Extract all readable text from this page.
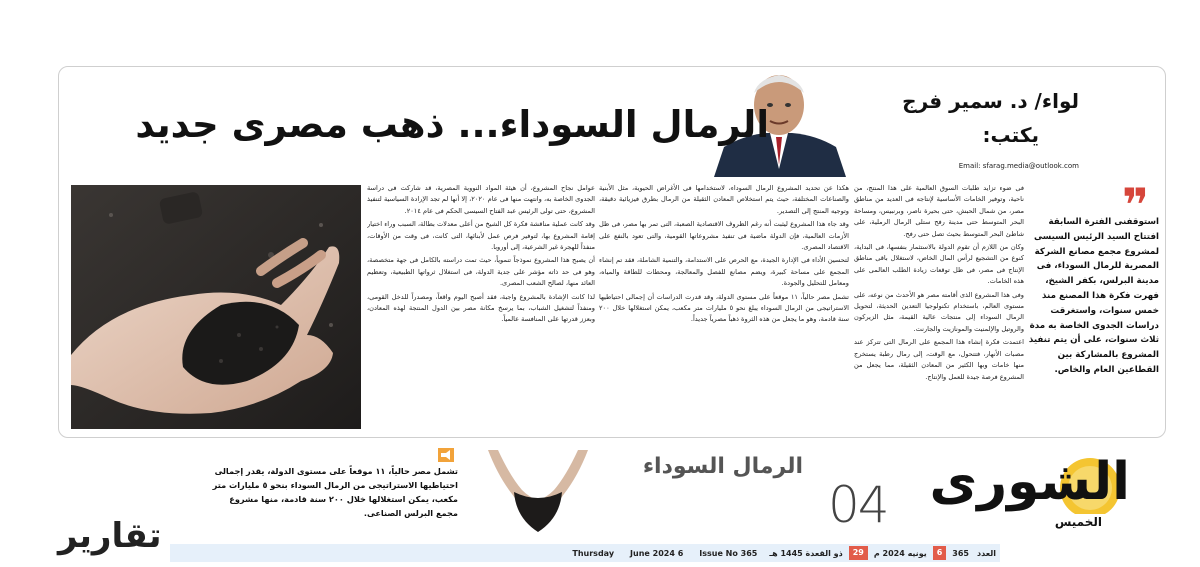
لواء/ د. سمير فرج
يكتب:
Email: sfarag.media@outlook.com
الرمال السوداء... ذهب مصرى جديد
❞
استوقفنى الفترة السابقة افتتاح السيد الرئيس السيسى لمشروع مجمع مصانع الشركة المصرية للرمال السوداء، فى مدينة البرلس، بكفر الشيخ، فهرت فكرة هذا المصنع منذ خمس سنوات، واستغرقت دراسات الجدوى الخاصة به مدة ثلاث سنوات، على أن يتم تنفيذ المشروع بالمشاركة بين القطاعين العام والخاص.

فى ضوء تزايد طلبات السوق العالمية على هذا المنتج، من ناحية، وتوفير الخامات الأساسية لإنتاجه فى العديد من مناطق مصر، من شمال الحبش، حتى بحيرة ناصر، وبرنبيس، ومساحة البحر المتوسط حتى مدينة رفح ستلى الرمال الرملية، على شاطئ البحر المتوسط بحيث تصل حتى رفح.

وكان من اللازم أن تقوم الدولة بالاستثمار بنفسها، فى البداية، كنوع من التشجيع لرأس المال الخاص، لاستغلال باقى مناطق الإنتاج فى مصر، فى ظل توقعات زيادة الطلب العالمى على هذه الخامات.

وفى هذا المشروع الذى أقامته مصر هو الأحدث من نوعه، على مستوى العالم، باستخدام تكنولوجيا التعدين الحديثة، لتحويل الرمال السوداء إلى منتجات عالية القيمة، مثل الزيركون والروتيل والإلمنيت والمونازيت والجارنت.

اعتمدت فكرة إنشاء هذا المجمع على الرمال التى تتركز عند مصبات الأنهار، فتتحول، مع الوقت، إلى رمال رطبة يستخرج منها خامات وبها الكثير من المعادن الثقيلة، مما يجعل من المشروع فرصة جيدة للعمل والإنتاج.

هكذا عن تحديد المشروع الرمال السوداء، لاستخدامها فى الأغراض الحيوية، مثل الأبنية والصناعات المختلفة، حيث يتم استخلاص المعادن الثقيلة من الرمال بطرق فيزيائية دقيقة، وتوجيه المنتج إلى التصدير.

وقد جاء هذا المشروع ليثبت أنه رغم الظروف الاقتصادية الصعبة، التى تمر بها مصر، فى ظل الأزمات العالمية، فإن الدولة ماضية فى تنفيذ مشروعاتها القومية، والتى تعود بالنفع على الاقتصاد المصرى.

لتحسين الأداء فى الإدارة الجيدة، مع الحرص على الاستدامة، والتنمية الشاملة، فقد تم إنشاء المجمع على مساحة كبيرة، ويضم مصانع للفصل والمعالجة، ومحطات للطاقة والمياه، ومعامل للتحليل والجودة.

تشمل مصر حالياً، ١١ موقعاً على مستوى الدولة، وقد قدرت الدراسات أن إجمالى احتياطيها الاستراتيجى من الرمال السوداء يبلغ نحو ٥ مليارات متر مكعب، يمكن استغلالها خلال ٢٠٠ سنة قادمة، وهو ما يجعل من هذه الثروة ذهباً مصرياً جديداً.

عوامل نجاح المشروع، أن هيئة المواد النووية المصرية، قد شاركت فى دراسة الجدوى الخاصة به، وانتهت منها فى عام ٢٠٢٠، إلا أنها لم تجد الإرادة السياسية لتنفيذ المشروع، حتى تولى الرئيس عبد الفتاح السيسى الحكم فى عام ٢٠١٤.

وقد كانت عملية مناقشة فكرة كل الشيخ من أعلى معدلات بطالة، السبب وراء اختيار إقامة المشروع بها، لتوفير فرص عمل لأبنائها، التى كانت، فى وقت من الأوقات، منفذاً للهجرة غير الشرعية، إلى أوروبا.

أن يصبح هذا المشروع نموذجاً تنموياً، حيث تمت دراسته بالكامل فى جهة متخصصة، وهو فى حد ذاته مؤشر على جدية الدولة، فى استغلال ثرواتها الطبيعية، وتعظيم العائد منها، لصالح الشعب المصرى.

لذا كانت الإشادة بالمشروع واجبة، فقد أصبح اليوم واقعاً، ومصدراً للدخل القومى، ومنفذاً لتشغيل الشباب، بما يرسخ مكانة مصر بين الدول المنتجة لهذه المعادن، وبعزز قدرتها على المنافسة عالمياً.

الشورى
الخميس
04
الرمال السوداء
تشمل مصر حالياً، ١١ موقعاً على مستوى الدولة، يقدر إجمالى احتياطيها الاستراتيجى من الرمال السوداء بنحو ٥ مليارات متر مكعب، يمكن استغلالها خلال ٢٠٠ سنة قادمة، منها مشروع مجمع البرلس الصناعى.
تقارير	العدد
365
6
يونيه 2024 م
29
ذو القعدة 1445 هـ
Issue No 365
6 June 2024
Thursday
